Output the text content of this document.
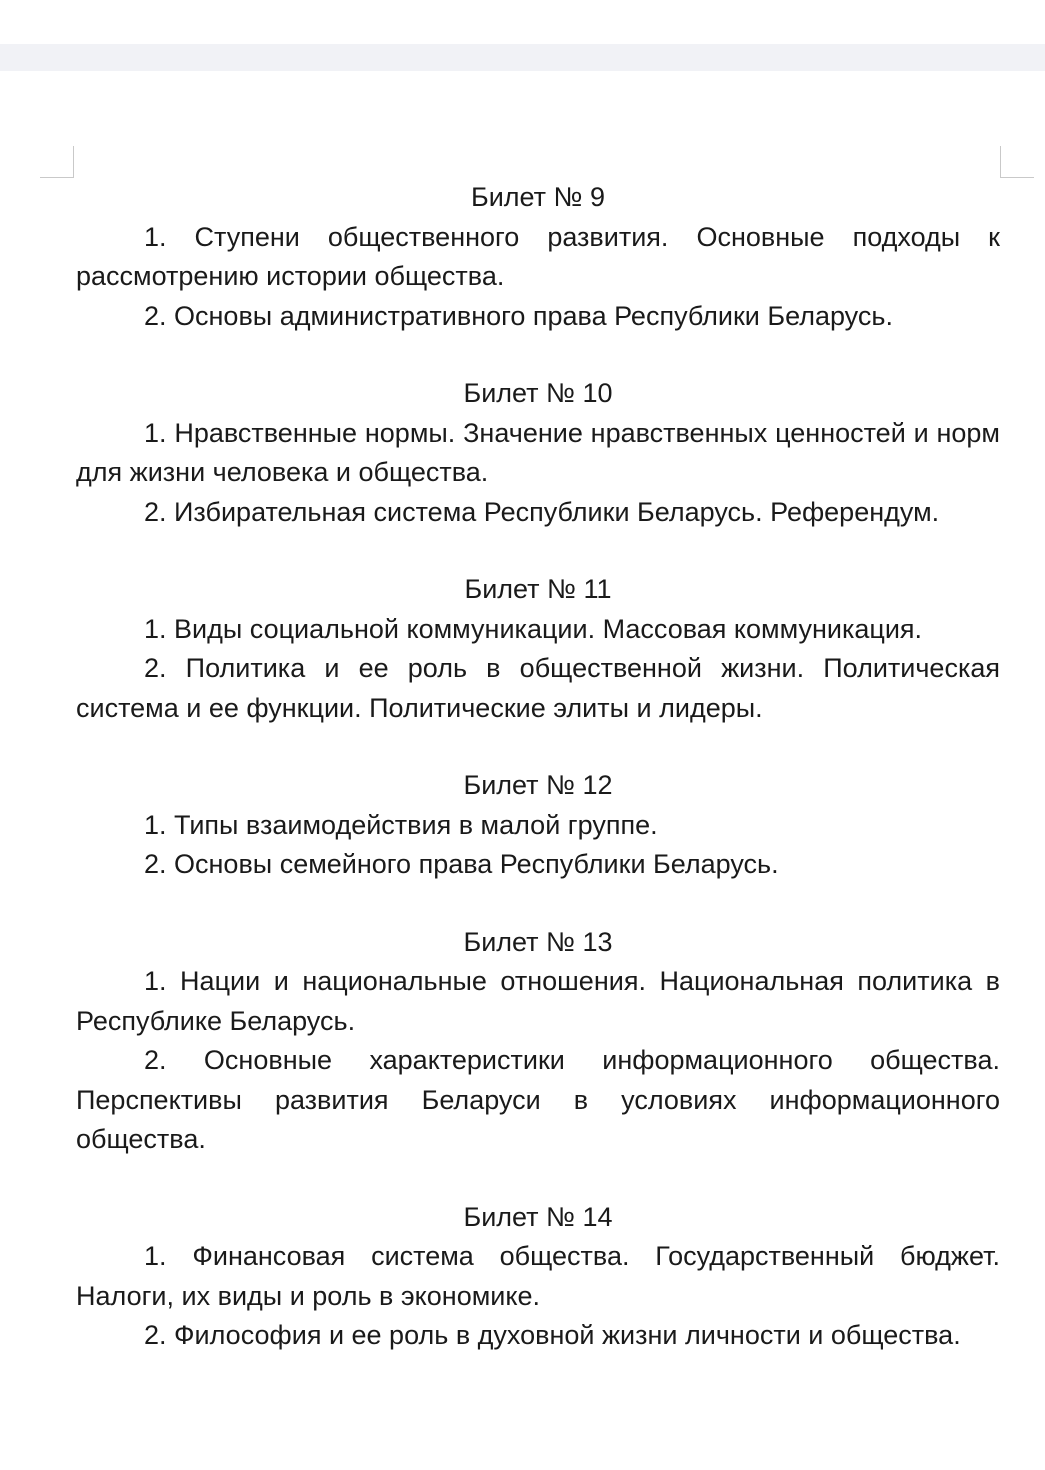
Билет № 9

1. Ступени общественного развития. Основные подходы к рассмотрению истории общества.

2. Основы административного права Республики Беларусь.

Билет № 10

1. Нравственные нормы. Значение нравственных ценностей и норм для жизни человека и общества.

2. Избирательная система Республики Беларусь. Референдум.

Билет № 11

1. Виды социальной коммуникации. Массовая коммуникация.

2. Политика и ее роль в общественной жизни. Политическая система и ее функции. Политические элиты и лидеры.

Билет № 12

1. Типы взаимодействия в малой группе.

2. Основы семейного права Республики Беларусь.

Билет № 13

1. Нации и национальные отношения. Национальная политика в Республике Беларусь.

2. Основные характеристики информационного общества. Перспективы развития Беларуси в условиях информационного общества.

Билет № 14

1. Финансовая система общества. Государственный бюджет. Налоги, их виды и роль в экономике.

2. Философия и ее роль в духовной жизни личности и общества.
